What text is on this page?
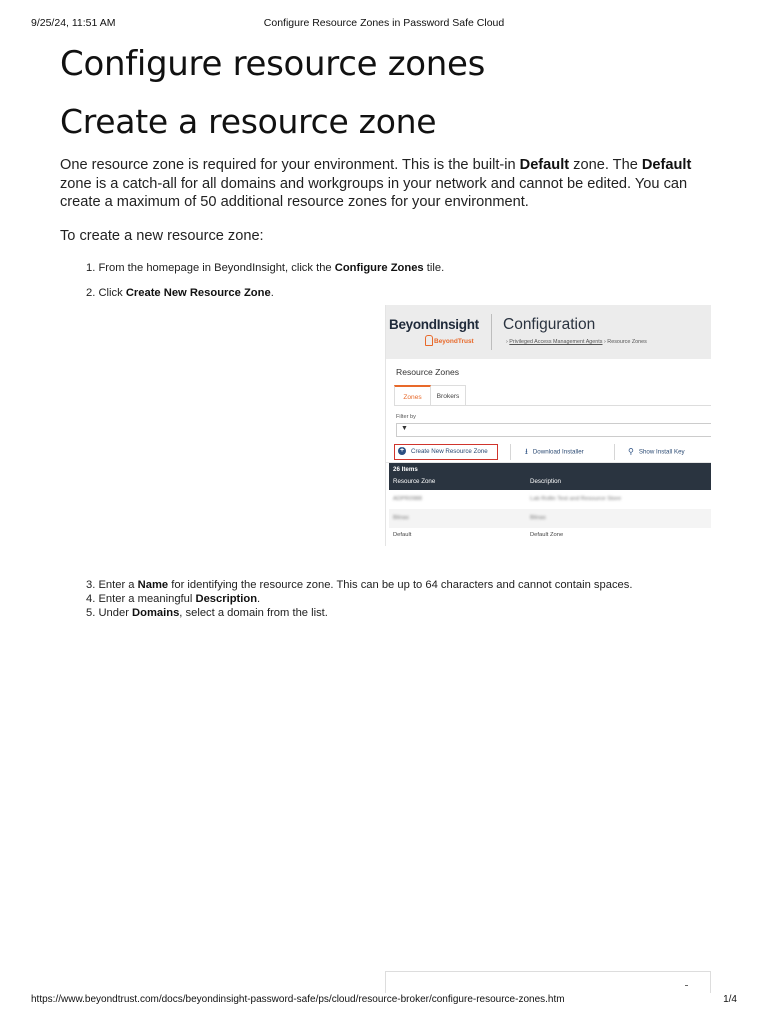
9/25/24, 11:51 AM	Configure Resource Zones in Password Safe Cloud
Configure resource zones
Create a resource zone

One resource zone is required for your environment. This is the built-in Default zone. The Default zone is a catch-all for all domains and workgroups in your network and cannot be edited. You can create a maximum of 50 additional resource zones for your environment.

To create a new resource zone:

1. From the homepage in BeyondInsight, click the Configure Zones tile.
2. Click Create New Resource Zone.
BeyondInsight
BeyondTrust
Configuration
› Privileged Access Management Agents › Resource Zones
Resource Zones
Zones	Brokers
Filter by
▼
+ Create New Resource Zone	⭳ Download Installer	⚲ Show Install Key
26 Items
Resource Zone	Description
ADPR0988	Lab Rollin Test and Resource Store
Blinas	Blinas
Default	Default Zone
3. Enter a Name for identifying the resource zone. This can be up to 64 characters and cannot contain spaces.
4. Enter a meaningful Description.
5. Under Domains, select a domain from the list.
https://www.beyondtrust.com/docs/beyondinsight-password-safe/ps/cloud/resource-broker/configure-resource-zones.htm	1/4
